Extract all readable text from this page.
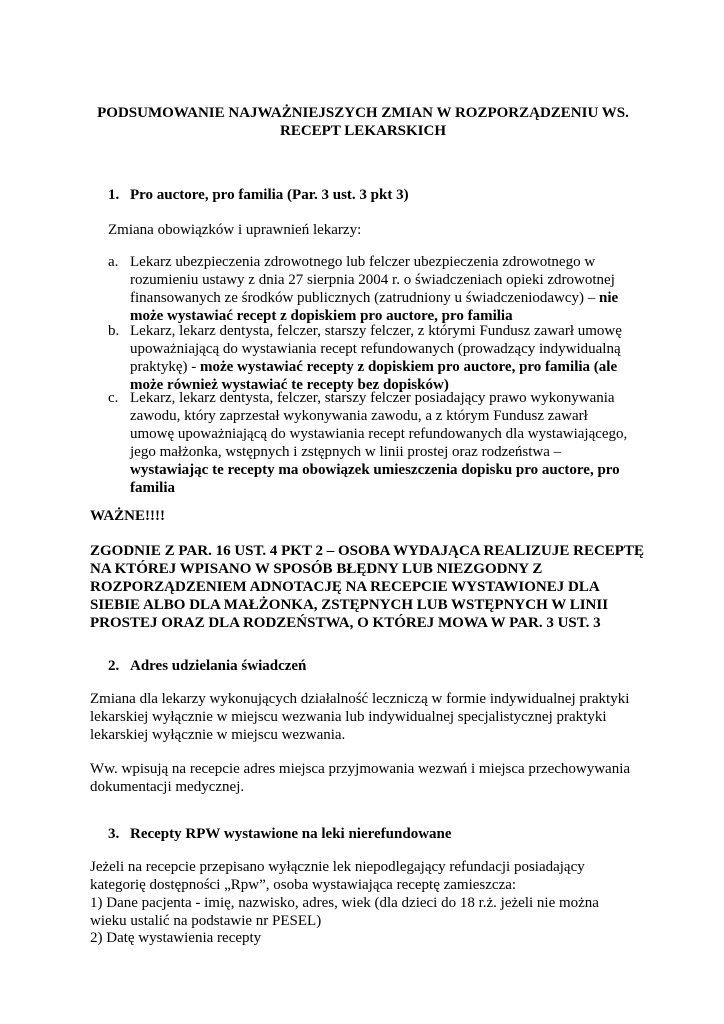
PODSUMOWANIE NAJWAŻNIEJSZYCH ZMIAN W ROZPORZĄDZENIU WS.
RECEPT LEKARSKICH
1. Pro auctore, pro familia (Par. 3 ust. 3 pkt 3)
Zmiana obowiązków i uprawnień lekarzy:
a. Lekarz ubezpieczenia zdrowotnego lub felczer ubezpieczenia zdrowotnego w rozumieniu ustawy z dnia 27 sierpnia 2004 r. o świadczeniach opieki zdrowotnej finansowanych ze środków publicznych (zatrudniony u świadczeniodawcy) – nie może wystawiać recept z dopiskiem pro auctore, pro familia
b. Lekarz, lekarz dentysta, felczer, starszy felczer, z którymi Fundusz zawarł umowę upoważniającą do wystawiania recept refundowanych (prowadzący indywidualną praktykę) - może wystawiać recepty z dopiskiem pro auctore, pro familia (ale może również wystawiać te recepty bez dopisków)
c. Lekarz, lekarz dentysta, felczer, starszy felczer posiadający prawo wykonywania zawodu, który zaprzestał wykonywania zawodu, a z którym Fundusz zawarł umowę upoważniającą do wystawiania recept refundowanych dla wystawiającego, jego małżonka, wstępnych i zstępnych w linii prostej oraz rodzeństwa – wystawiając te recepty ma obowiązek umieszczenia dopisku pro auctore, pro familia
WAŻNE!!!!
ZGODNIE Z PAR. 16 UST. 4 PKT 2 – OSOBA WYDAJĄCA REALIZUJE RECEPTĘ NA KTÓREJ WPISANO W SPOSÓB BŁĘDNY LUB NIEZGODNY Z ROZPORZĄDZENIEM ADNOTACJĘ NA RECEPCIE WYSTAWIONEJ DLA SIEBIE ALBO DLA MAŁŻONKA, ZSTĘPNYCH LUB WSTĘPNYCH W LINII PROSTEJ ORAZ DLA RODZEŃSTWA, O KTÓREJ MOWA W PAR. 3 UST. 3
2. Adres udzielania świadczeń
Zmiana dla lekarzy wykonujących działalność leczniczą w formie indywidualnej praktyki lekarskiej wyłącznie w miejscu wezwania lub indywidualnej specjalistycznej praktyki lekarskiej wyłącznie w miejscu wezwania.
Ww. wpisują na recepcie adres miejsca przyjmowania wezwań i miejsca przechowywania dokumentacji medycznej.
3. Recepty RPW wystawione na leki nierefundowane
Jeżeli na recepcie przepisano wyłącznie lek niepodlegający refundacji posiadający kategorię dostępności „Rpw”, osoba wystawiająca receptę zamieszcza:
1) Dane pacjenta - imię, nazwisko, adres, wiek (dla dzieci do 18 r.ż. jeżeli nie można wieku ustalić na podstawie nr PESEL)
2) Datę wystawienia recepty
